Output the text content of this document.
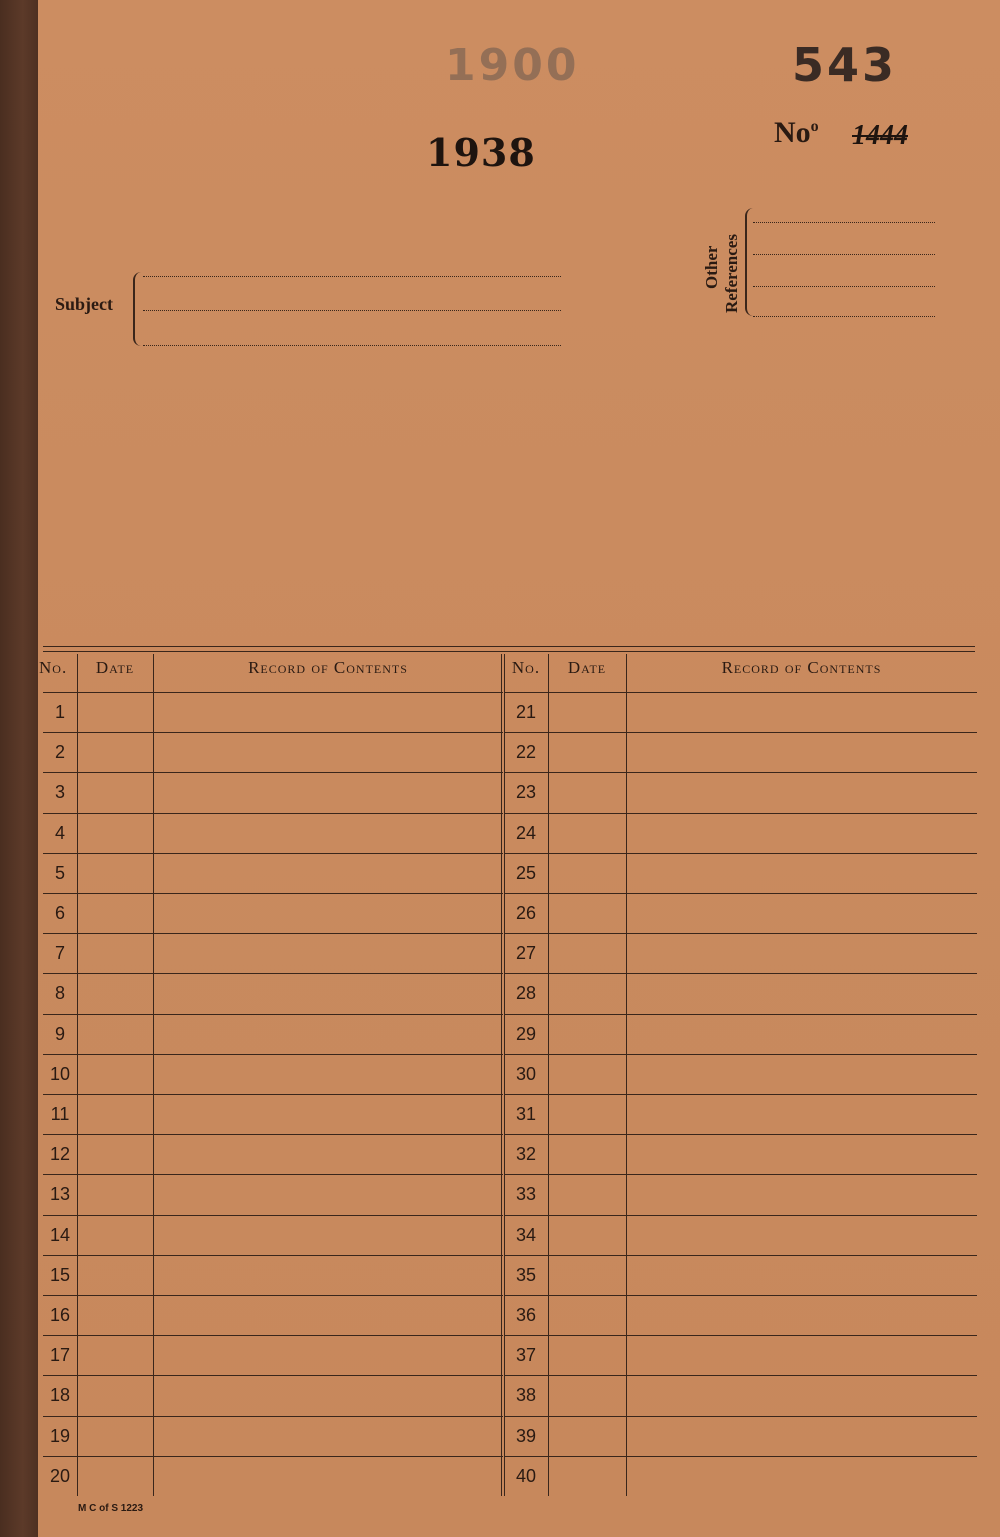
1900	543
1938	No$^o$ 1444
Subject
Other References
No.	Date	Record of Contents
1
2
3
4
5
6
7
8
9
10
11
12
13
14
15
16
17
18
19
20
No.	Date	Record of Contents
21
22
23
24
25
26
27
28
29
30
31
32
33
34
35
36
37
38
39
40
M C of S 1223
